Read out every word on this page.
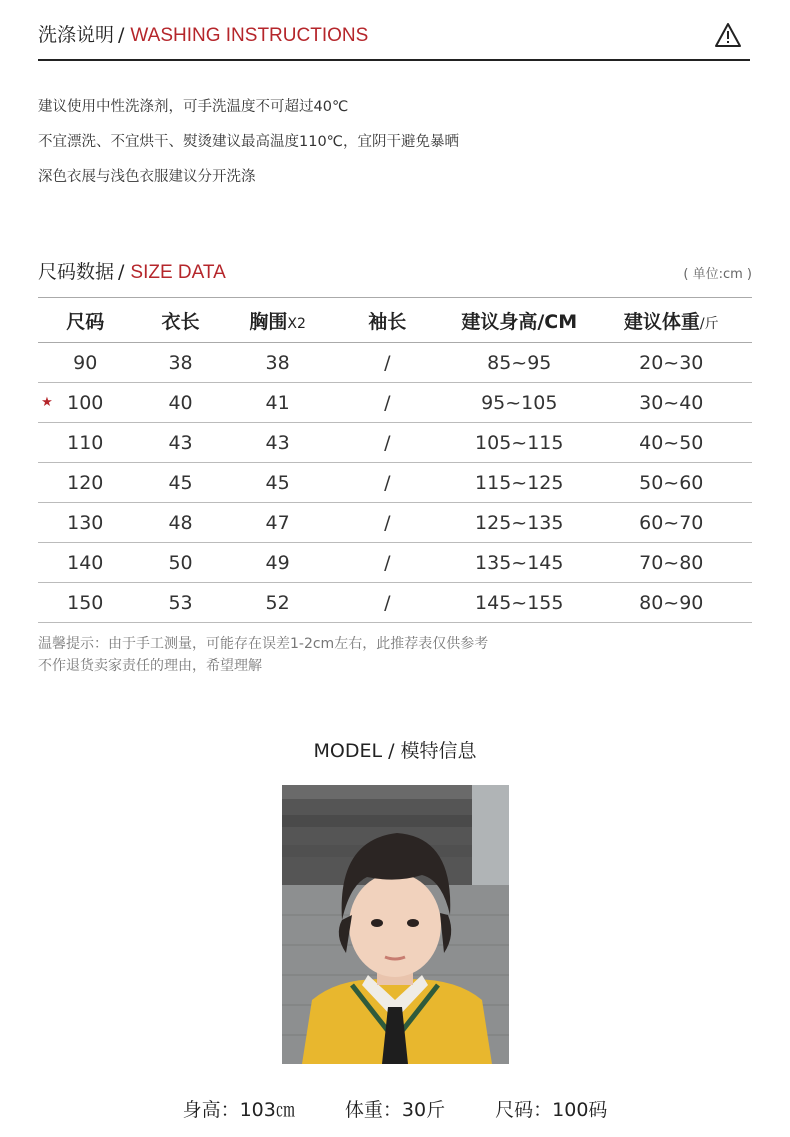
洗涤说明 / WASHING INSTRUCTIONS
建议使用中性洗涤剂，可手洗温度不可超过40℃
不宜漂洗、不宜烘干、熨烫建议最高温度110℃，宜阴干避免暴晒
深色衣展与浅色衣服建议分开洗涤
尺码数据 / SIZE DATA	( 单位:cm )
尺码	衣长	胸围X2	袖长	建议身高/CM	建议体重/斤
90	38	38	/	85~95	20~30

★ 100	40	41	/	95~105	30~40
110	43	43	/	105~115	40~50
120	45	45	/	115~125	50~60
130	48	47	/	125~135	60~70
140	50	49	/	135~145	70~80
150	53	52	/	145~155	80~90
温馨提示：由于手工测量，可能存在误差1-2cm左右，此推荐表仅供参考
不作退货卖家责任的理由，希望理解
MODEL / 模特信息
身高：103㎝	体重：30斤	尺码：100码
